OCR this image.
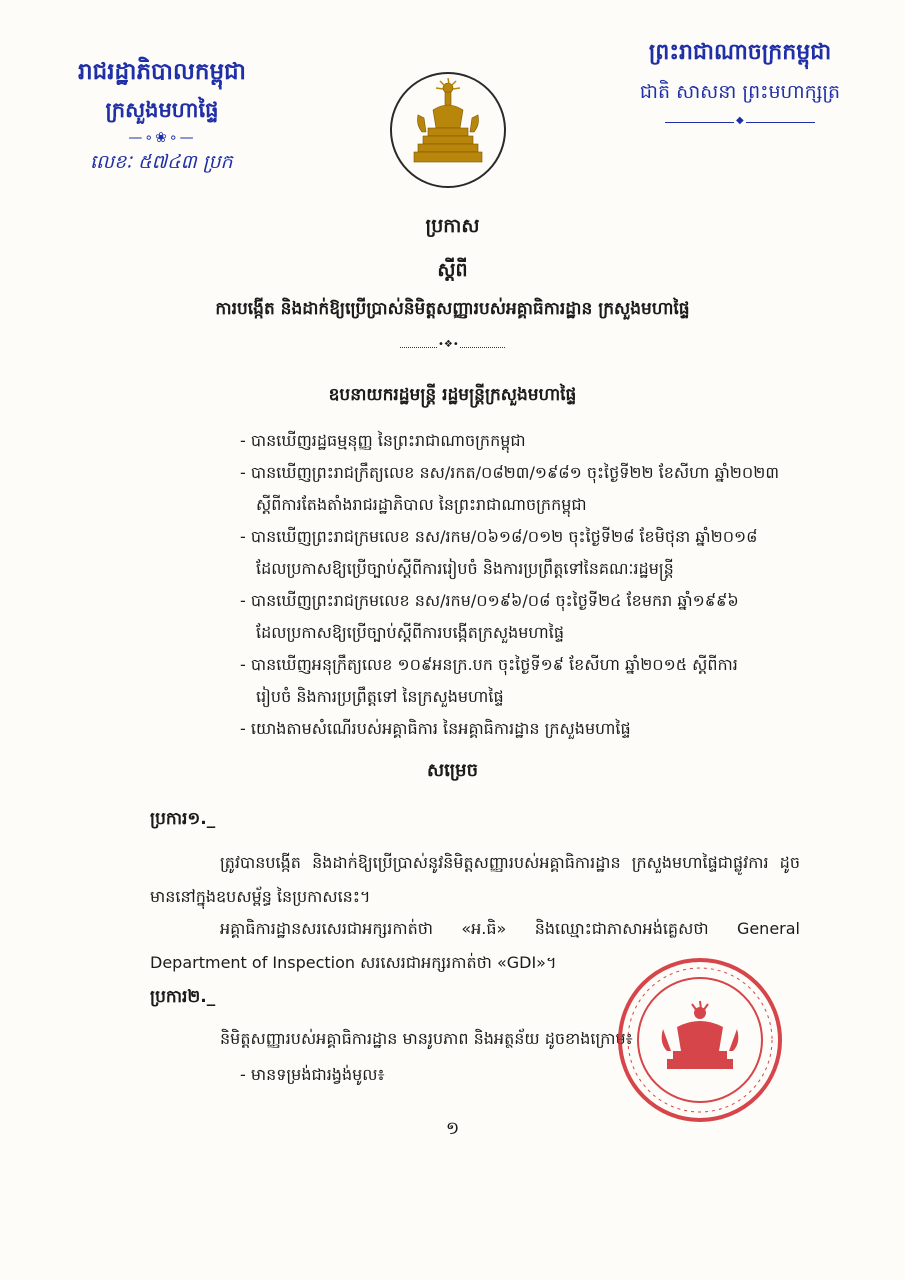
រាជរដ្ឋាភិបាលកម្ពុជា
ក្រសួងមហាផ្ទៃ
—∘❀∘—
លេខៈ ៥៧៤៣ ប្រក
ព្រះរាជាណាចក្រកម្ពុជា
ជាតិ សាសនា ព្រះមហាក្សត្រ
◆
ប្រកាស
ស្ដីពី
ការបង្កើត និងដាក់ឱ្យប្រើប្រាស់និមិត្តសញ្ញារបស់អគ្គាធិការដ្ឋាន ក្រសួងមហាផ្ទៃ
•❖•
ឧបនាយករដ្ឋមន្ត្រី រដ្ឋមន្ត្រីក្រសួងមហាផ្ទៃ
- បានឃើញរដ្ឋធម្មនុញ្ញ នៃព្រះរាជាណាចក្រកម្ពុជា
- បានឃើញព្រះរាជក្រឹត្យលេខ នស/រកត/០៨២៣/១៩៨១ ចុះថ្ងៃទី២២ ខែសីហា ឆ្នាំ២០២៣
ស្ដីពីការតែងតាំងរាជរដ្ឋាភិបាល នៃព្រះរាជាណាចក្រកម្ពុជា
- បានឃើញព្រះរាជក្រមលេខ នស/រកម/០៦១៨/០១២ ចុះថ្ងៃទី២៨ ខែមិថុនា ឆ្នាំ២០១៨
ដែលប្រកាសឱ្យប្រើច្បាប់ស្ដីពីការរៀបចំ និងការប្រព្រឹត្តទៅនៃគណៈរដ្ឋមន្ត្រី
- បានឃើញព្រះរាជក្រមលេខ នស/រកម/០១៩៦/០៨ ចុះថ្ងៃទី២៤ ខែមករា ឆ្នាំ១៩៩៦
ដែលប្រកាសឱ្យប្រើច្បាប់ស្ដីពីការបង្កើតក្រសួងមហាផ្ទៃ
- បានឃើញអនុក្រឹត្យលេខ ១០៩អនក្រ.បក ចុះថ្ងៃទី១៩ ខែសីហា ឆ្នាំ២០១៥ ស្ដីពីការ
រៀបចំ និងការប្រព្រឹត្តទៅ នៃក្រសួងមហាផ្ទៃ
- យោងតាមសំណើរបស់អគ្គាធិការ នៃអគ្គាធិការដ្ឋាន ក្រសួងមហាផ្ទៃ
សម្រេច
ប្រការ១._
ត្រូវបានបង្កើត និងដាក់ឱ្យប្រើប្រាស់នូវនិមិត្តសញ្ញារបស់អគ្គាធិការដ្ឋាន ក្រសួងមហាផ្ទៃជាផ្លូវការ ដូចមាននៅក្នុងឧបសម្ព័ន្ធ នៃប្រកាសនេះ។
អគ្គាធិការដ្ឋានសរសេរជាអក្សរកាត់ថា «អ.ធិ» និងឈ្មោះជាភាសាអង់គ្លេសថា General Department of Inspection សរសេរជាអក្សរកាត់ថា «GDI»។
ប្រការ២._
និមិត្តសញ្ញារបស់អគ្គាធិការដ្ឋាន មានរូបភាព និងអត្ថន័យ ដូចខាងក្រោម៖
- មានទម្រង់ជារង្វង់មូល៖
១
